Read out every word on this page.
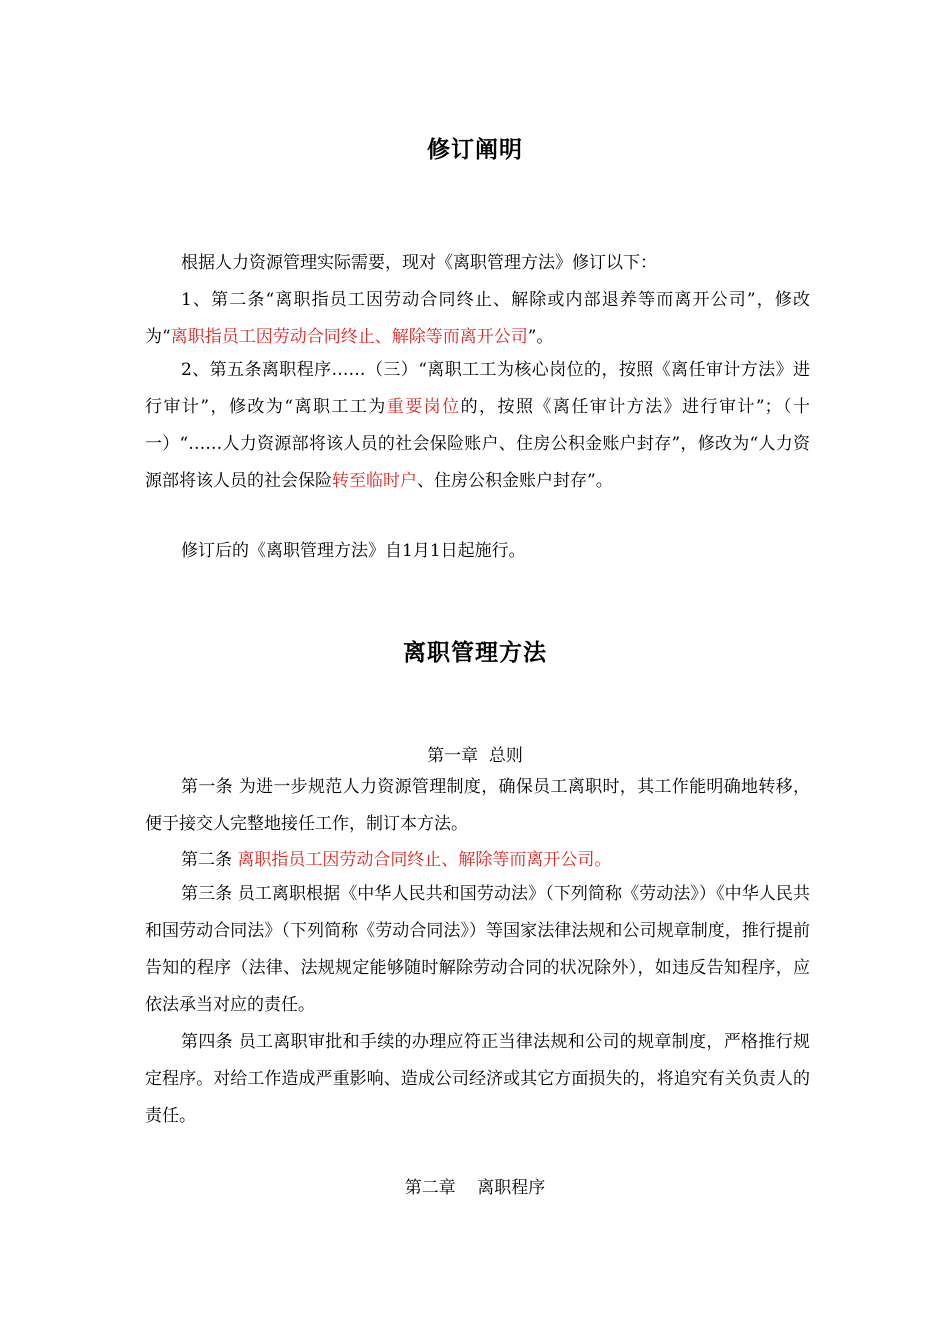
修订阐明

根据人力资源管理实际需要，现对《离职管理方法》修订以下：

1、第二条“离职指员工因劳动合同终止、解除或内部退养等而离开公司”，修改为“离职指员工因劳动合同终止、解除等而离开公司”。

2、第五条离职程序……（三）“离职工工为核心岗位的，按照《离任审计方法》进行审计”，修改为“离职工工为重要岗位的，按照《离任审计方法》进行审计”；（十一）“……人力资源部将该人员的社会保险账户、住房公积金账户封存”，修改为“人力资源部将该人员的社会保险转至临时户、住房公积金账户封存”。

修订后的《离职管理方法》自1月1日起施行。

离职管理方法
第一章  总则

第一条 为进一步规范人力资源管理制度，确保员工离职时，其工作能明确地转移，便于接交人完整地接任工作，制订本方法。

第二条 离职指员工因劳动合同终止、解除等而离开公司。

第三条 员工离职根据《中华人民共和国劳动法》（下列简称《劳动法》）《中华人民共和国劳动合同法》（下列简称《劳动合同法》）等国家法律法规和公司规章制度，推行提前告知的程序（法律、法规规定能够随时解除劳动合同的状况除外），如违反告知程序，应依法承当对应的责任。

第四条 员工离职审批和手续的办理应符正当律法规和公司的规章制度，严格推行规定程序。对给工作造成严重影响、造成公司经济或其它方面损失的，将追究有关负责人的责任。

第二章    离职程序
